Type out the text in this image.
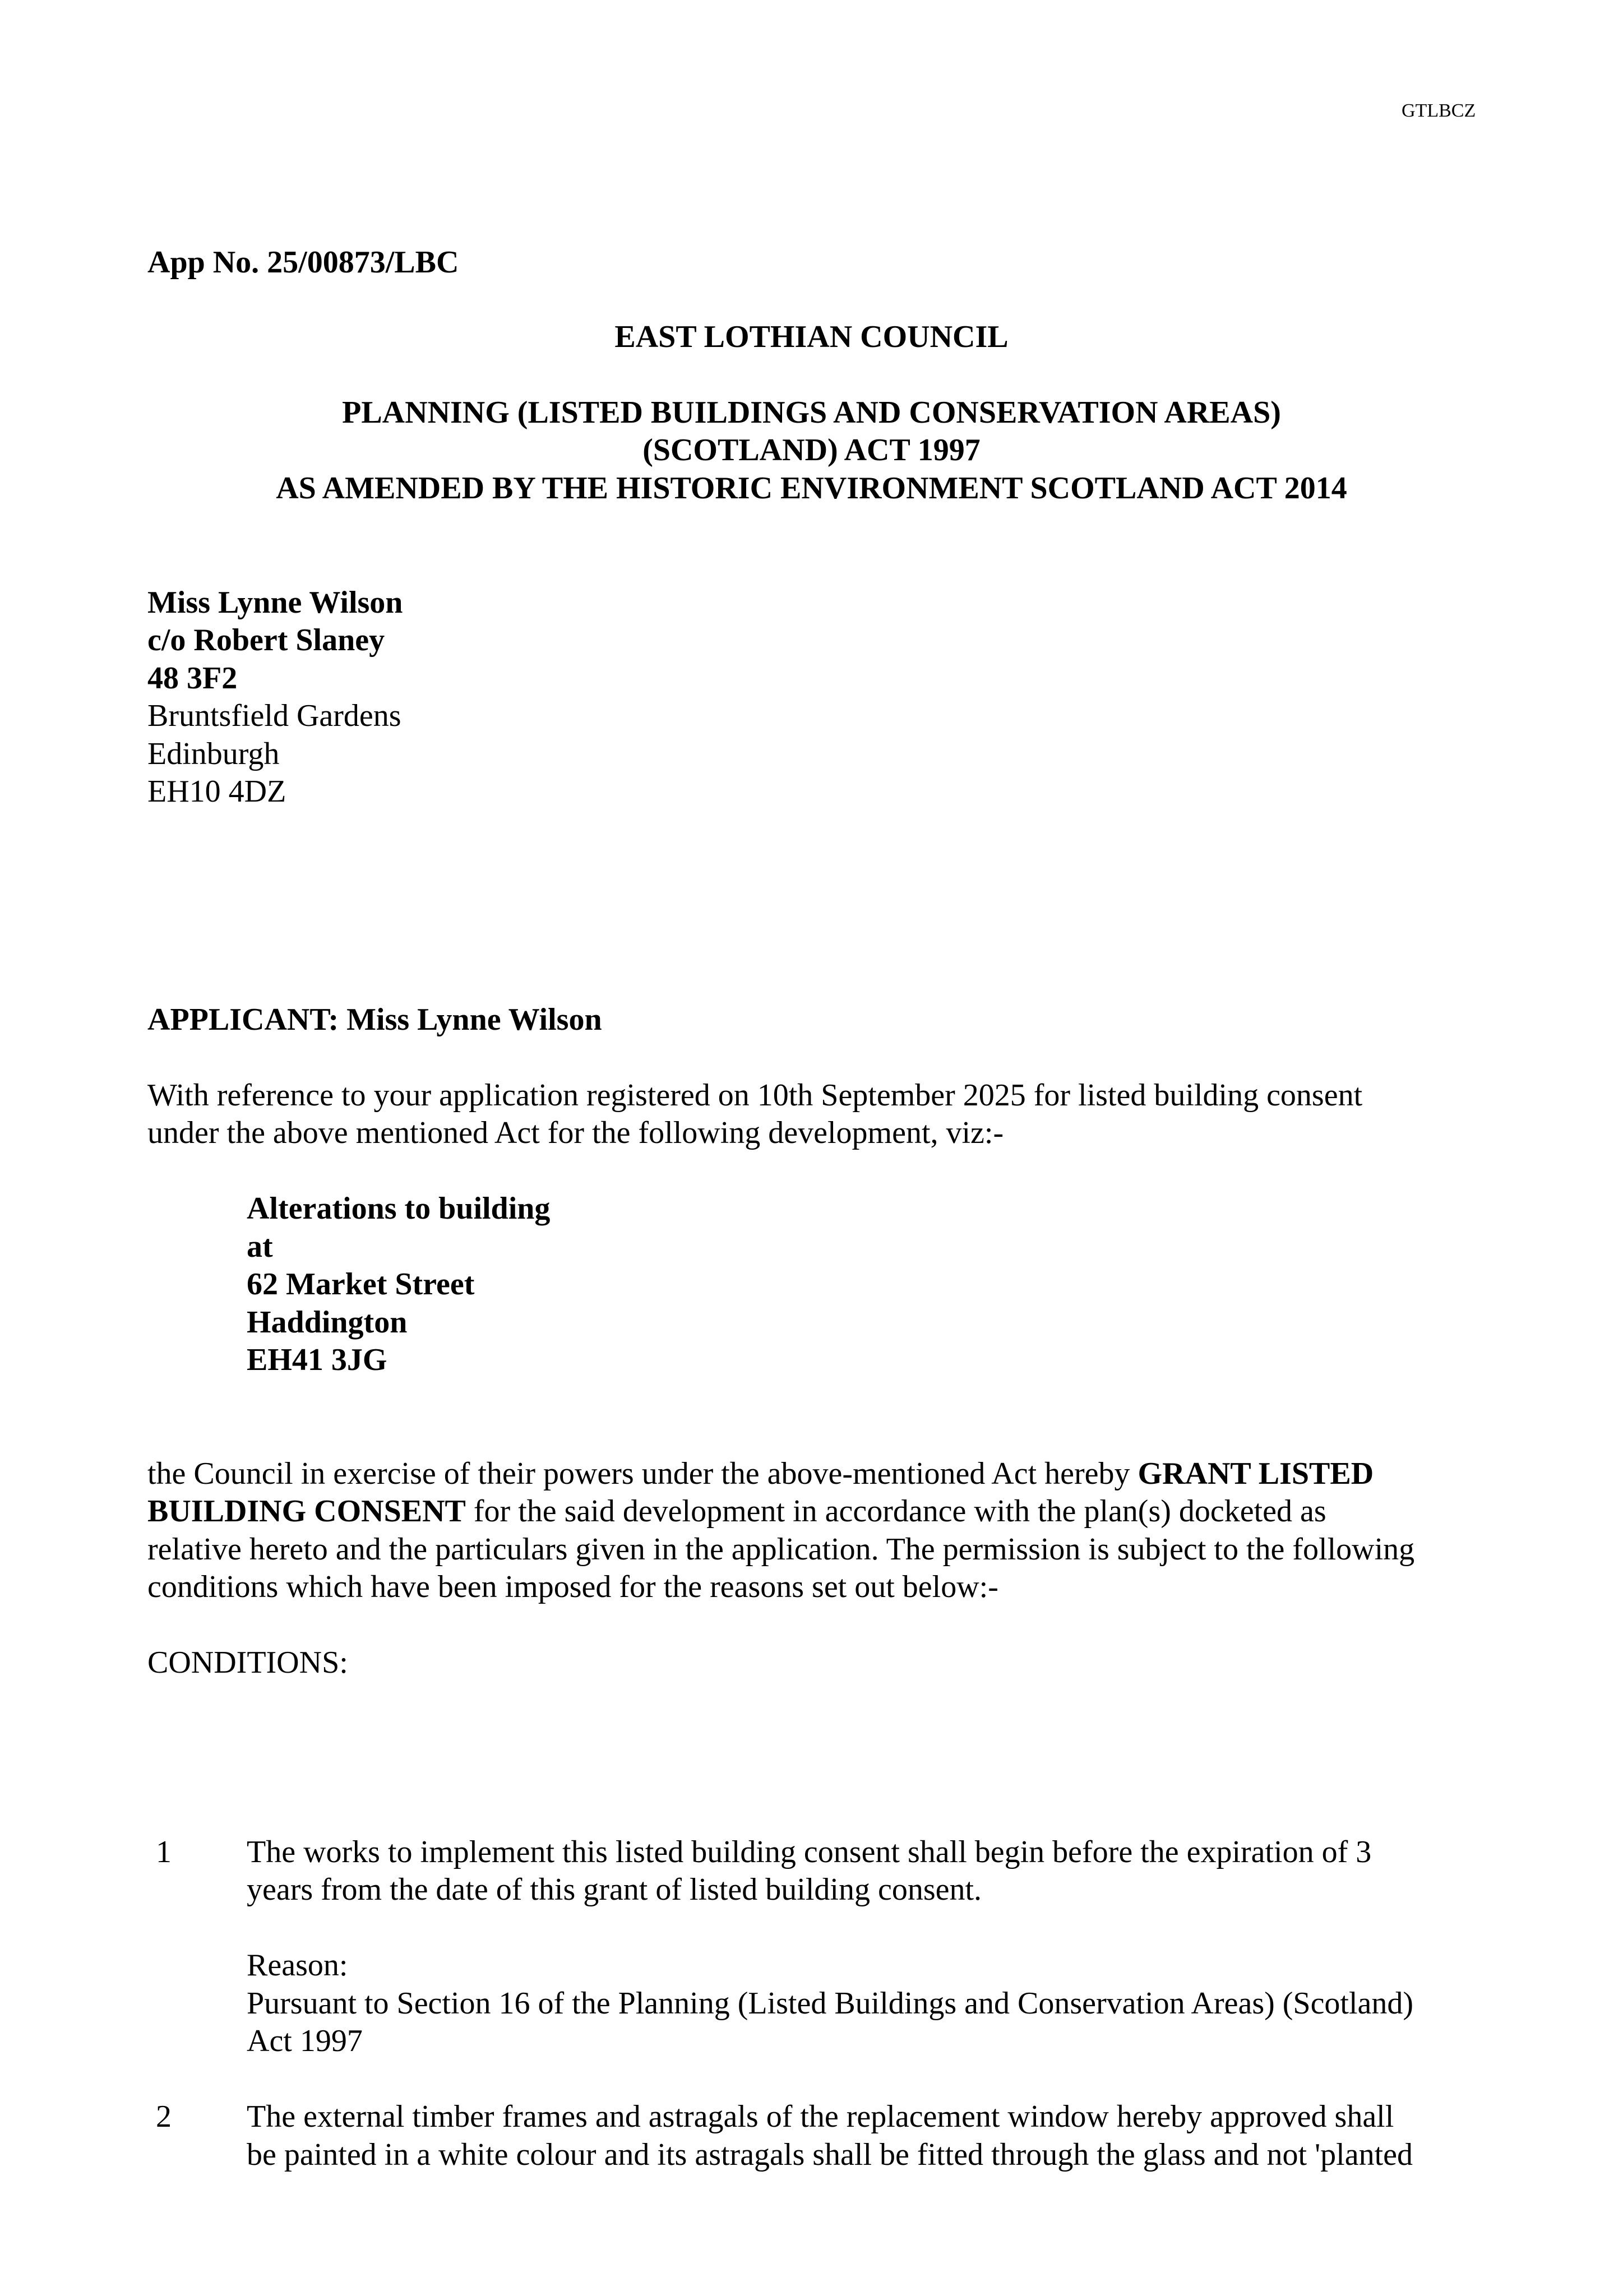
GTLBCZ
App No. 25/00873/LBC
EAST LOTHIAN COUNCIL
PLANNING (LISTED BUILDINGS AND CONSERVATION AREAS)
(SCOTLAND) ACT 1997
AS AMENDED BY THE HISTORIC ENVIRONMENT SCOTLAND ACT 2014
Miss Lynne Wilson
c/o Robert Slaney
48 3F2
Bruntsfield Gardens
Edinburgh
EH10 4DZ
APPLICANT: Miss Lynne Wilson
With reference to your application registered on 10th September 2025 for listed building consent
under the above mentioned Act for the following development, viz:-
Alterations to building
at
62 Market Street
Haddington
EH41 3JG
the Council in exercise of their powers under the above-mentioned Act hereby GRANT LISTED
BUILDING CONSENT for the said development in accordance with the plan(s) docketed as
relative hereto and the particulars given in the application. The permission is subject to the following
conditions which have been imposed for the reasons set out below:-
CONDITIONS:
1 The works to implement this listed building consent shall begin before the expiration of 3
years from the date of this grant of listed building consent.
Reason:
Pursuant to Section 16 of the Planning (Listed Buildings and Conservation Areas) (Scotland)
Act 1997
2 The external timber frames and astragals of the replacement window hereby approved shall
be painted in a white colour and its astragals shall be fitted through the glass and not 'planted
